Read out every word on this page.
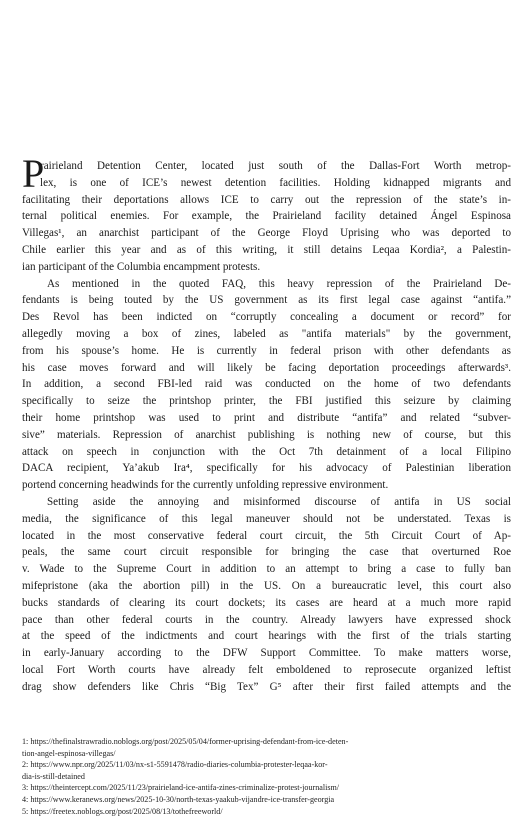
P
rairieland Detention Center, located just south of the Dallas-Fort Worth metrop-
lex, is one of ICE’s newest detention facilities. Holding kidnapped migrants and
facilitating their deportations allows ICE to carry out the repression of the state’s in-
ternal political enemies. For example, the Prairieland facility detained Ángel Espinosa
Villegas¹, an anarchist participant of the George Floyd Uprising who was deported to
Chile earlier this year and as of this writing, it still detains Leqaa Kordia², a Palestin-
ian participant of the Columbia encampment protests.
As mentioned in the quoted FAQ, this heavy repression of the Prairieland De-
fendants is being touted by the US government as its first legal case against “antifa.”
Des Revol has been indicted on “corruptly concealing a document or record” for
allegedly moving a box of zines, labeled as "antifa materials" by the government,
from his spouse’s home. He is currently in federal prison with other defendants as
his case moves forward and will likely be facing deportation proceedings afterwards³.
In addition, a second FBI-led raid was conducted on the home of two defendants
specifically to seize the printshop printer, the FBI justified this seizure by claiming
their home printshop was used to print and distribute “antifa” and related “subver-
sive” materials. Repression of anarchist publishing is nothing new of course, but this
attack on speech in conjunction with the Oct 7th detainment of a local Filipino
DACA recipient, Ya’akub Ira⁴, specifically for his advocacy of Palestinian liberation
portend concerning headwinds for the currently unfolding repressive environment.
Setting aside the annoying and misinformed discourse of antifa in US social
media, the significance of this legal maneuver should not be understated. Texas is
located in the most conservative federal court circuit, the 5th Circuit Court of Ap-
peals, the same court circuit responsible for bringing the case that overturned Roe
v. Wade to the Supreme Court in addition to an attempt to bring a case to fully ban
mifepristone (aka the abortion pill) in the US. On a bureaucratic level, this court also
bucks standards of clearing its court dockets; its cases are heard at a much more rapid
pace than other federal courts in the country. Already lawyers have expressed shock
at the speed of the indictments and court hearings with the first of the trials starting
in early-January according to the DFW Support Committee. To make matters worse,
local Fort Worth courts have already felt emboldened to reprosecute organized leftist
drag show defenders like Chris “Big Tex” G⁵ after their first failed attempts and the
1: https://thefinalstrawradio.noblogs.org/post/2025/05/04/former-uprising-defendant-from-ice-deten-
tion-angel-espinosa-villegas/
2: https://www.npr.org/2025/11/03/nx-s1-5591478/radio-diaries-columbia-protester-leqaa-kor-
dia-is-still-detained
3: https://theintercept.com/2025/11/23/prairieland-ice-antifa-zines-criminalize-protest-journalism/
4: https://www.keranews.org/news/2025-10-30/north-texas-yaakub-vijandre-ice-transfer-georgia
5: https://freetex.noblogs.org/post/2025/08/13/tothefreeworld/
